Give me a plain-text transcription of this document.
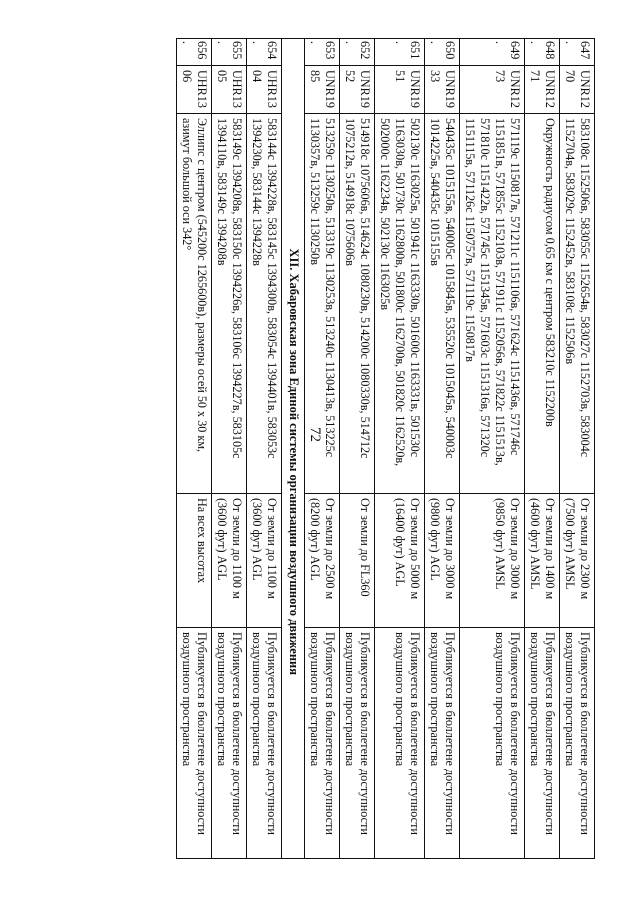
72
647.	UNR1270	583108с 1152506в, 583055с 1152654в, 583027с 1152703в, 583004с 1152704в, 583029с 1152452в, 583108с 1152506в	От земли до 2300 м (7500 фут) AMSL	Публикуется в бюллетене доступности воздушного пространства
648.	UNR1271	Окружность радиусом 0,65 км с центром 583210с 1152200в	От земли до 1400 м (4600 фут) AMSL	Публикуется в бюллетене доступности воздушного пространства
649.	UNR1273	571119с 1150817в, 571211с 1151106в, 571624с 1151436в, 571746с 1151851в, 571855с 1152103в, 571911с 1152056в, 571822с 1151513в, 571810с 1151422в, 571745с 1151345в, 571603с 1151316в, 571320с 1151115в, 571126с 1150757в, 571119с 1150817в	От земли до 3000 м (9850 фут) AMSL	Публикуется в бюллетене доступности воздушного пространства
650.	UNR1933	540435с 1015155в, 540005с 1015845в, 535520с 1015045в, 540003с 1014225в, 540435с 1015155в	От земли до 3000 м (9800 фут) AGL	Публикуется в бюллетене доступности воздушного пространства
651.	UNR1951	502130с 1163025в, 501941с 1163330в, 501600с 1163331в, 501530с 1163030в, 501730с 1162800в, 501800с 1162700в, 501820с 1162520в, 502000с 1162234в, 502130с 1163025в	От земли до 5000 м (16400 фут) AGL	Публикуется в бюллетене доступности воздушного пространства
652.	UNR1952	514918с 1075606в, 514624с 1080230в, 514200с 1080330в, 514712с 1075212в, 514918с 1075606в	От земли до FL360	Публикуется в бюллетене доступности воздушного пространства
653.	UNR1985	513259с 1130250в, 513319с 1130253в, 513240с 1130413в, 513225с 1130357в, 513259с 1130250в	От земли до 2500 м (8200 фут) AGL	Публикуется в бюллетене доступности воздушного пространства
	XII. Хабаровская зона Единой системы организации воздушного движения			
654.	UHR1304	583144с 1394228в, 583145с 1394300в, 583054с 1394401в, 583053с 1394230в, 583144с 1394228в	От земли до 1100 м (3600 фут) AGL	Публикуется в бюллетене доступности воздушного пространства
655.	UHR1305	583149с 1394208в, 583150с 1394226в, 583106с 1394227в, 583105с 1394110в, 583149с 1394208в	От земли до 1100 м (3600 фут) AGL	Публикуется в бюллетене доступности воздушного пространства
656.	UHR1306	Эллипс с центром (545200с 1265600в), размеры осей 50 х 30 км, азимут большой оси 342°	На всех высотах	Публикуется в бюллетене доступности воздушного пространства
